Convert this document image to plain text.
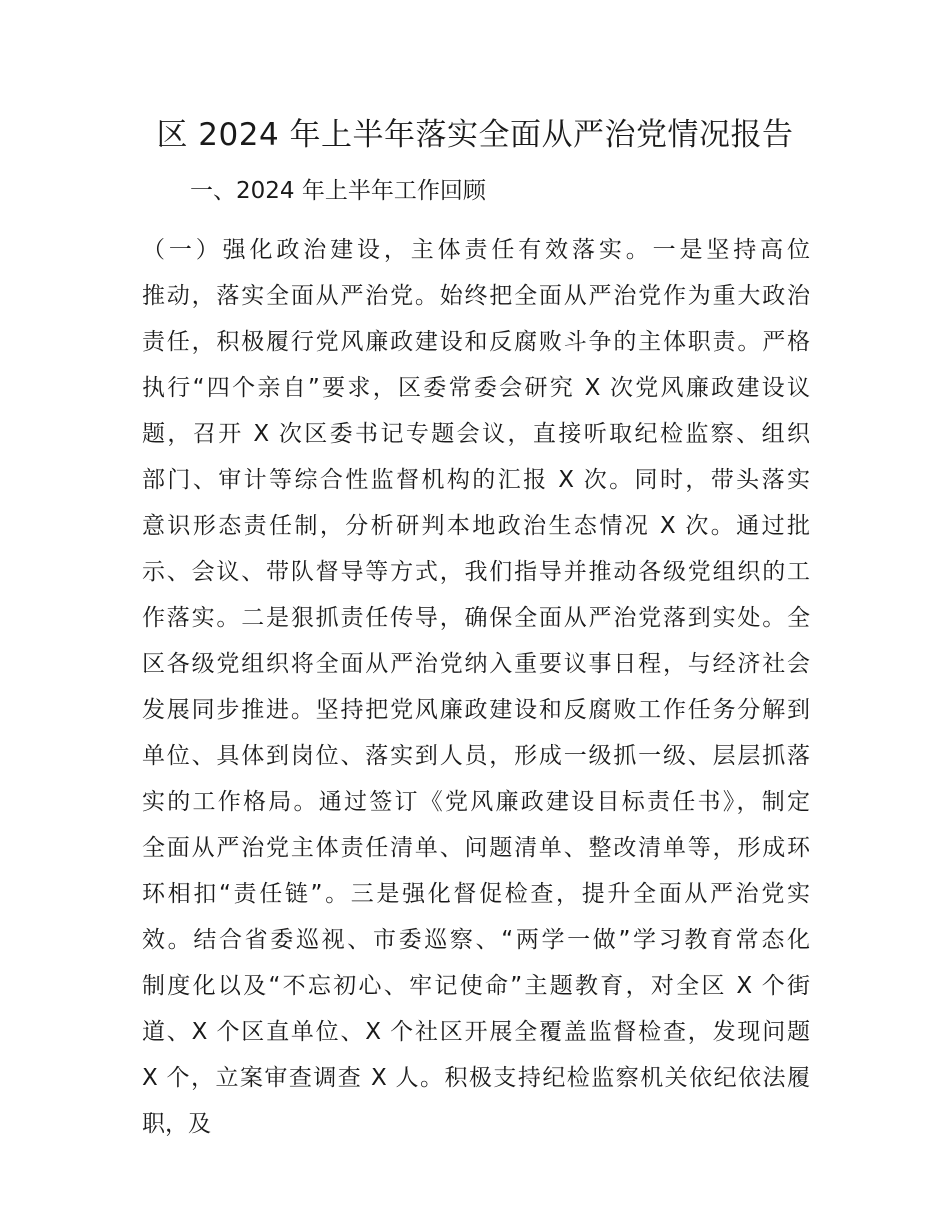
区 2024 年上半年落实全面从严治党情况报告
一、2024 年上半年工作回顾
（一）强化政治建设，主体责任有效落实。一是坚持高位
推动，落实全面从严治党。始终把全面从严治党作为重大政治
责任，积极履行党风廉政建设和反腐败斗争的主体职责。严格
执行“四个亲自”要求，区委常委会研究 X 次党风廉政建设议
题，召开 X 次区委书记专题会议，直接听取纪检监察、组织
部门、审计等综合性监督机构的汇报 X 次。同时，带头落实
意识形态责任制，分析研判本地政治生态情况 X 次。通过批
示、会议、带队督导等方式，我们指导并推动各级党组织的工
作落实。二是狠抓责任传导，确保全面从严治党落到实处。全
区各级党组织将全面从严治党纳入重要议事日程，与经济社会
发展同步推进。坚持把党风廉政建设和反腐败工作任务分解到
单位、具体到岗位、落实到人员，形成一级抓一级、层层抓落
实的工作格局。通过签订《党风廉政建设目标责任书》，制定
全面从严治党主体责任清单、问题清单、整改清单等，形成环
环相扣“责任链”。三是强化督促检查，提升全面从严治党实
效。结合省委巡视、市委巡察、“两学一做”学习教育常态化
制度化以及“不忘初心、牢记使命”主题教育，对全区 X 个街
道、X 个区直单位、X 个社区开展全覆盖监督检查，发现问题
X 个，立案审查调查 X 人。积极支持纪检监察机关依纪依法履
职，及
